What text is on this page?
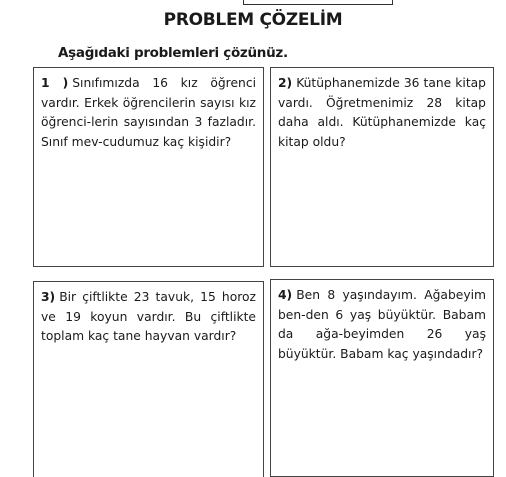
PROBLEM ÇÖZELİM
Aşağıdaki problemleri çözünüz.
1 ) Sınıfımızda 16 kız öğrenci vardır. Erkek öğrencilerin sayısı kız öğrenci-lerin sayısından 3 fazladır. Sınıf mev-cudumuz kaç kişidir?
2) Kütüphanemizde 36 tane kitap vardı. Öğretmenimiz 28 kitap daha aldı. Kütüphanemizde kaç kitap oldu?
3) Bir çiftlikte 23 tavuk, 15 horoz ve 19 koyun vardır. Bu çiftlikte toplam kaç tane hayvan vardır?
4) Ben 8 yaşındayım. Ağabeyim ben-den 6 yaş büyüktür. Babam da ağa-beyimden 26 yaş büyüktür. Babam kaç yaşındadır?
